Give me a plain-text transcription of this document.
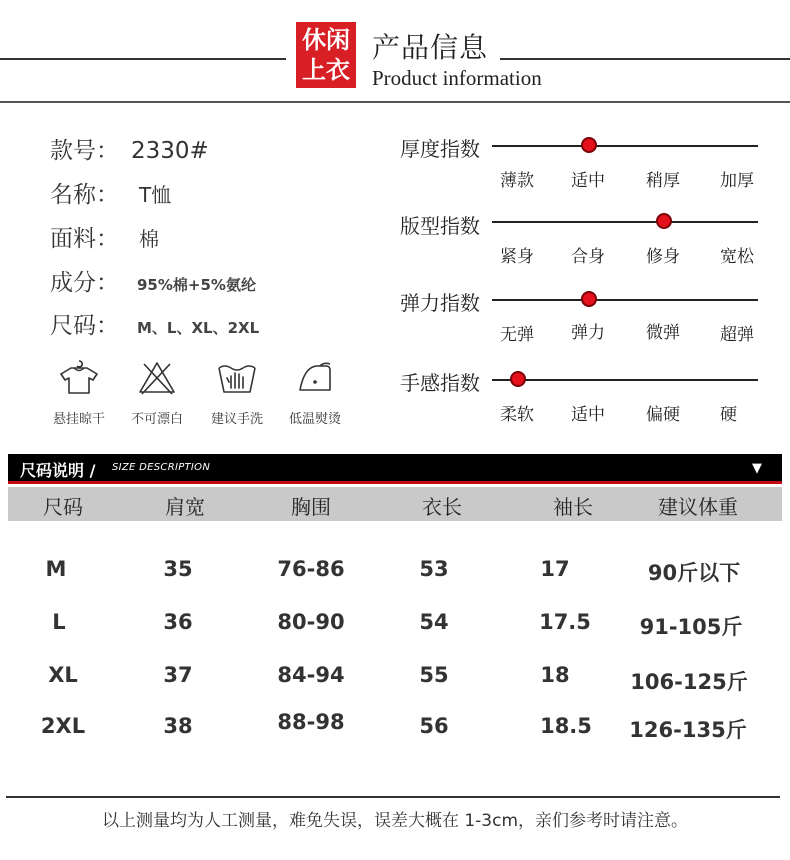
休闲
上衣
产品信息
Product information
款号： 2330#
名称： T恤
面料： 棉
成分： 95%棉+5%氨纶
尺码： M、L、XL、2XL
悬挂晾干	不可漂白	建议手洗	低温熨烫
厚度指数
薄款 适中 稍厚 加厚
版型指数
紧身 合身 修身 宽松
弹力指数
无弹 弹力 微弹 超弹
手感指数
柔软 适中 偏硬 硬
尺码说明 / SIZE DESCRIPTION	▼
尺码	肩宽	胸围	衣长	袖长	建议体重
M	35	76-86	53	17	90斤以下
L	36	80-90	54	17.5 91-105斤
XL	37	84-94	55	18	106-125斤
2XL	38	88-98	56	18.5 126-135斤
以上测量均为人工测量，难免失误，误差大概在 1-3cm，亲们参考时请注意。
